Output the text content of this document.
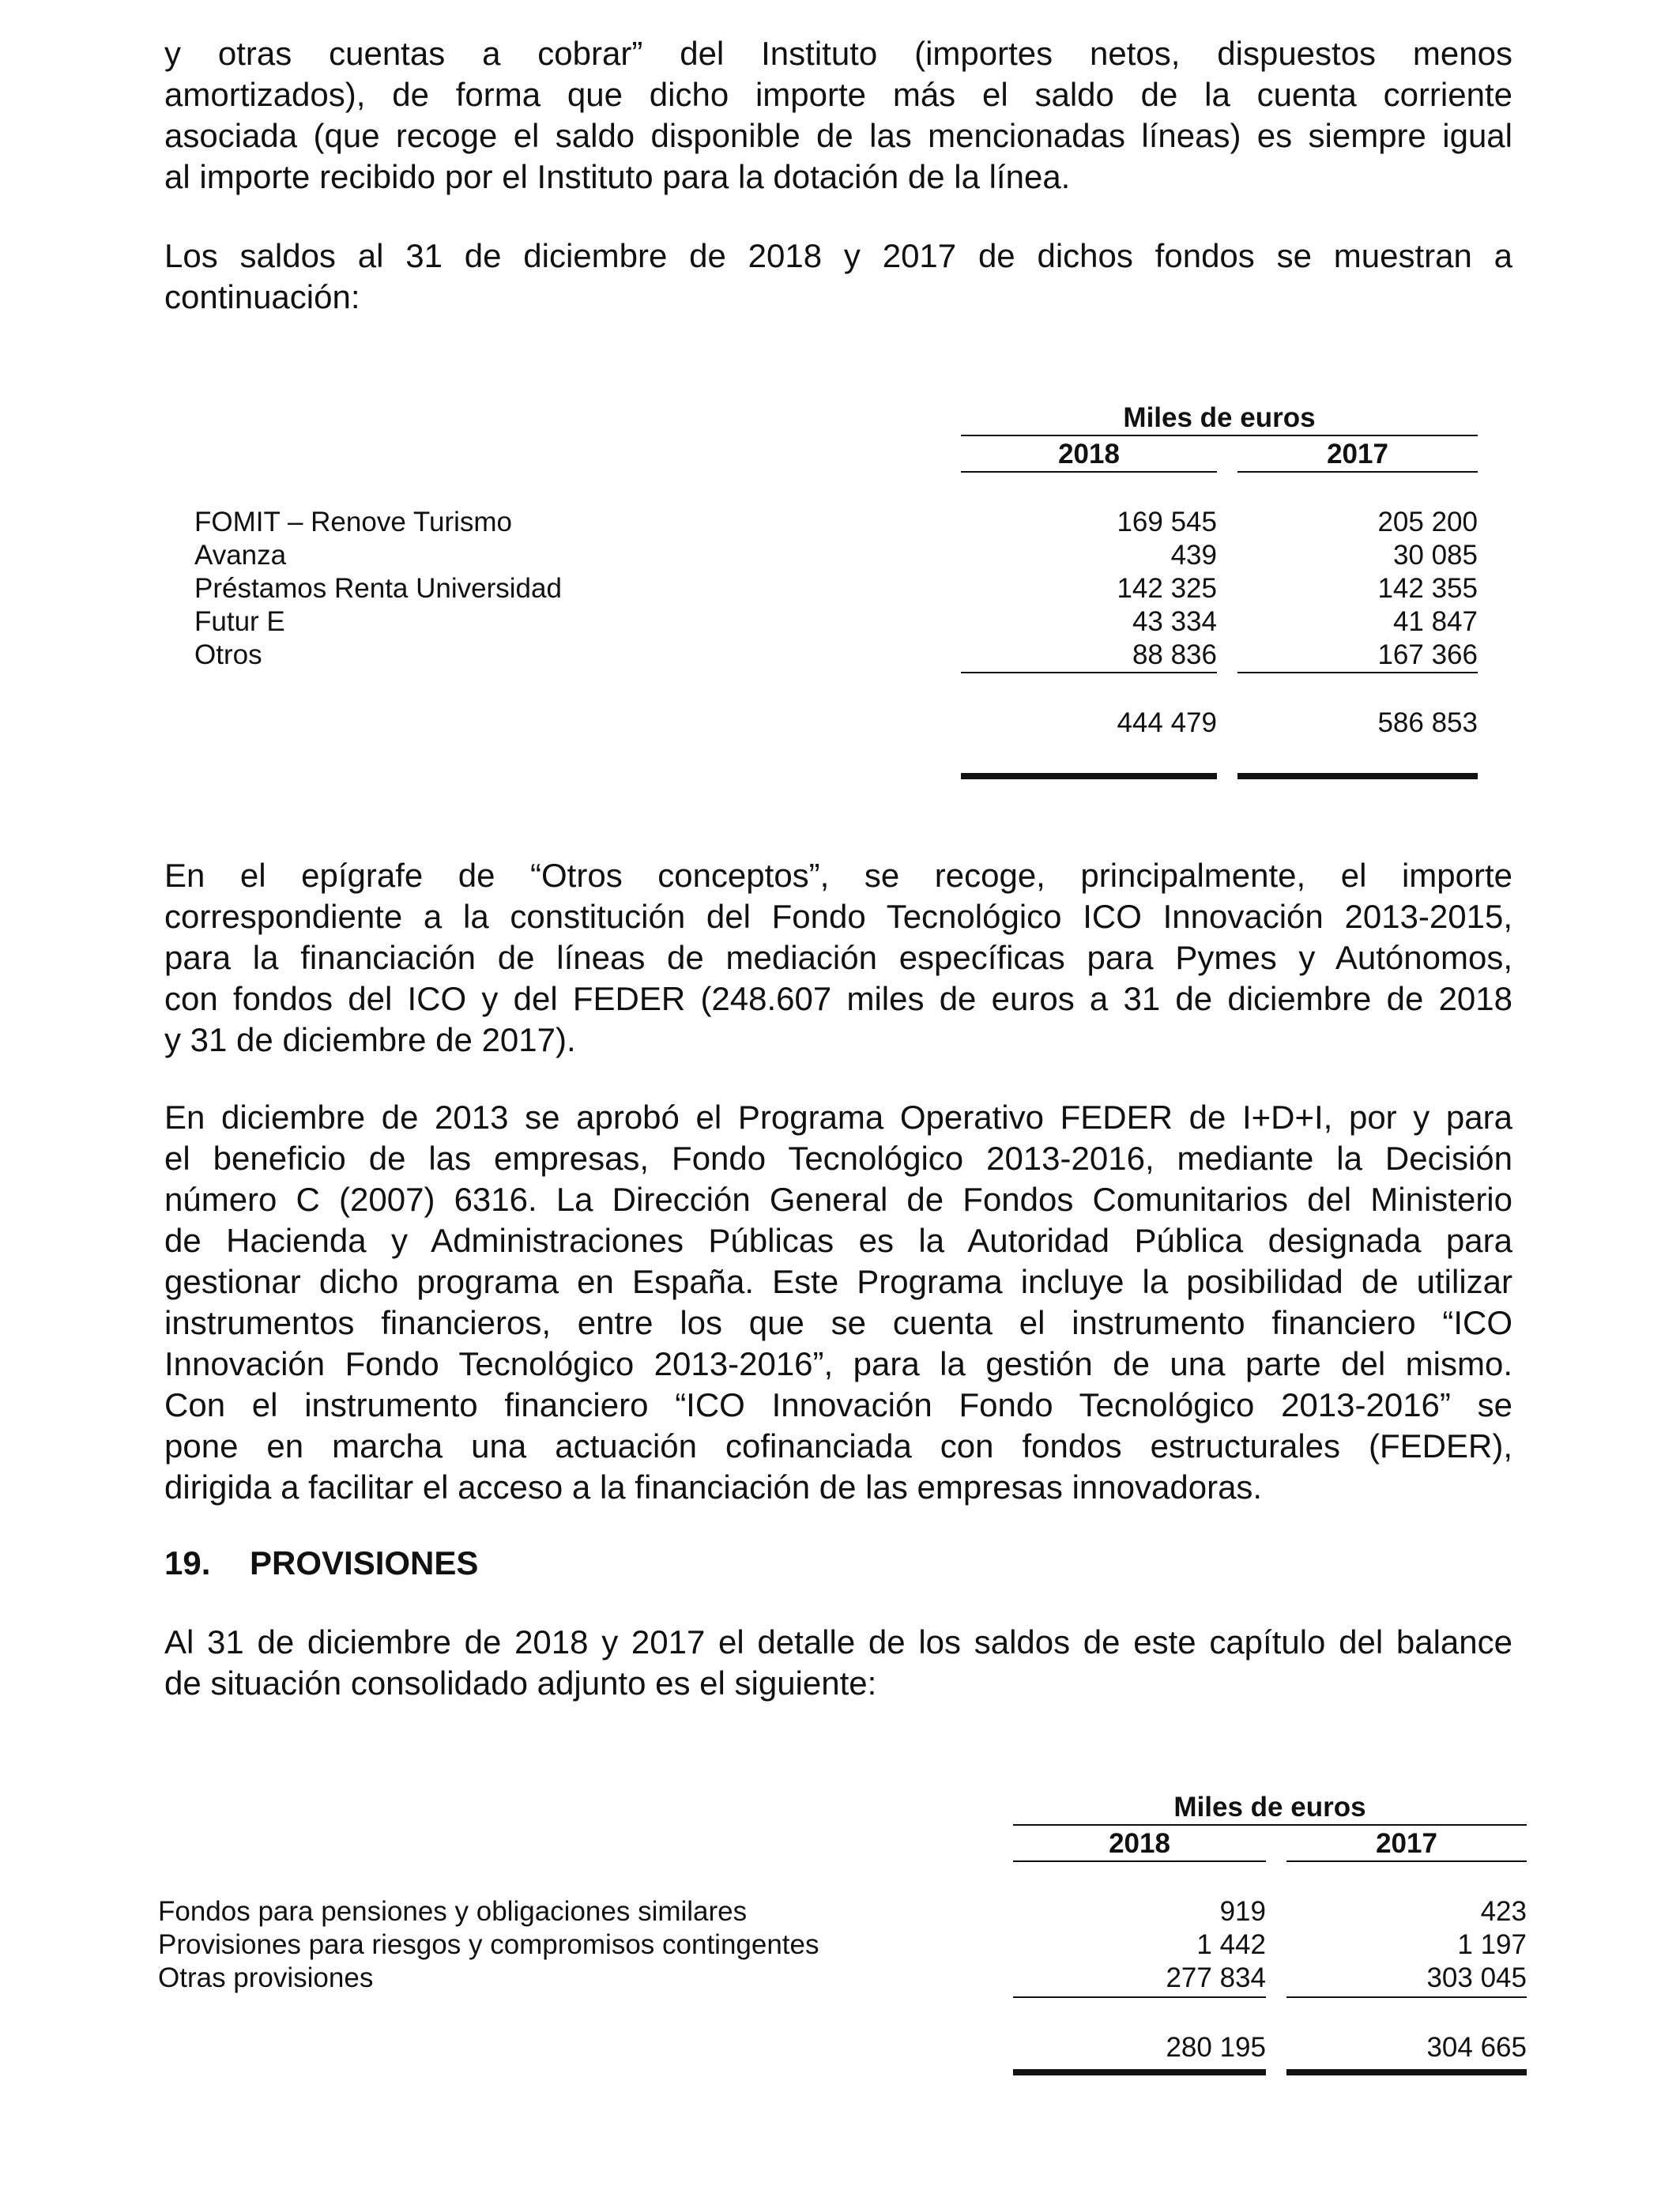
y otras cuentas a cobrar” del Instituto (importes netos, dispuestos menos
amortizados), de forma que dicho importe más el saldo de la cuenta corriente
asociada (que recoge el saldo disponible de las mencionadas líneas) es siempre igual
al importe recibido por el Instituto para la dotación de la línea.
Los saldos al 31 de diciembre de 2018 y 2017 de dichos fondos se muestran a
continuación:
Miles de euros
2018	2017
FOMIT – Renove Turismo	169 545	205 200
Avanza	439	30 085
Préstamos Renta Universidad	142 325	142 355
Futur E	43 334	41 847
Otros	88 836	167 366
444 479	586 853
En el epígrafe de “Otros conceptos”, se recoge, principalmente, el importe
correspondiente a la constitución del Fondo Tecnológico ICO Innovación 2013-2015,
para la financiación de líneas de mediación específicas para Pymes y Autónomos,
con fondos del ICO y del FEDER (248.607 miles de euros a 31 de diciembre de 2018
y 31 de diciembre de 2017).
En diciembre de 2013 se aprobó el Programa Operativo FEDER de I+D+I, por y para
el beneficio de las empresas, Fondo Tecnológico 2013-2016, mediante la Decisión
número C (2007) 6316. La Dirección General de Fondos Comunitarios del Ministerio
de Hacienda y Administraciones Públicas es la Autoridad Pública designada para
gestionar dicho programa en España. Este Programa incluye la posibilidad de utilizar
instrumentos financieros, entre los que se cuenta el instrumento financiero “ICO
Innovación Fondo Tecnológico 2013-2016”, para la gestión de una parte del mismo.
Con el instrumento financiero “ICO Innovación Fondo Tecnológico 2013-2016” se
pone en marcha una actuación cofinanciada con fondos estructurales (FEDER),
dirigida a facilitar el acceso a la financiación de las empresas innovadoras.
19. PROVISIONES
Al 31 de diciembre de 2018 y 2017 el detalle de los saldos de este capítulo del balance
de situación consolidado adjunto es el siguiente:
Miles de euros
2018	2017
Fondos para pensiones y obligaciones similares	919	423
Provisiones para riesgos y compromisos contingentes	1 442	1 197
Otras provisiones	277 834	303 045
280 195	304 665
